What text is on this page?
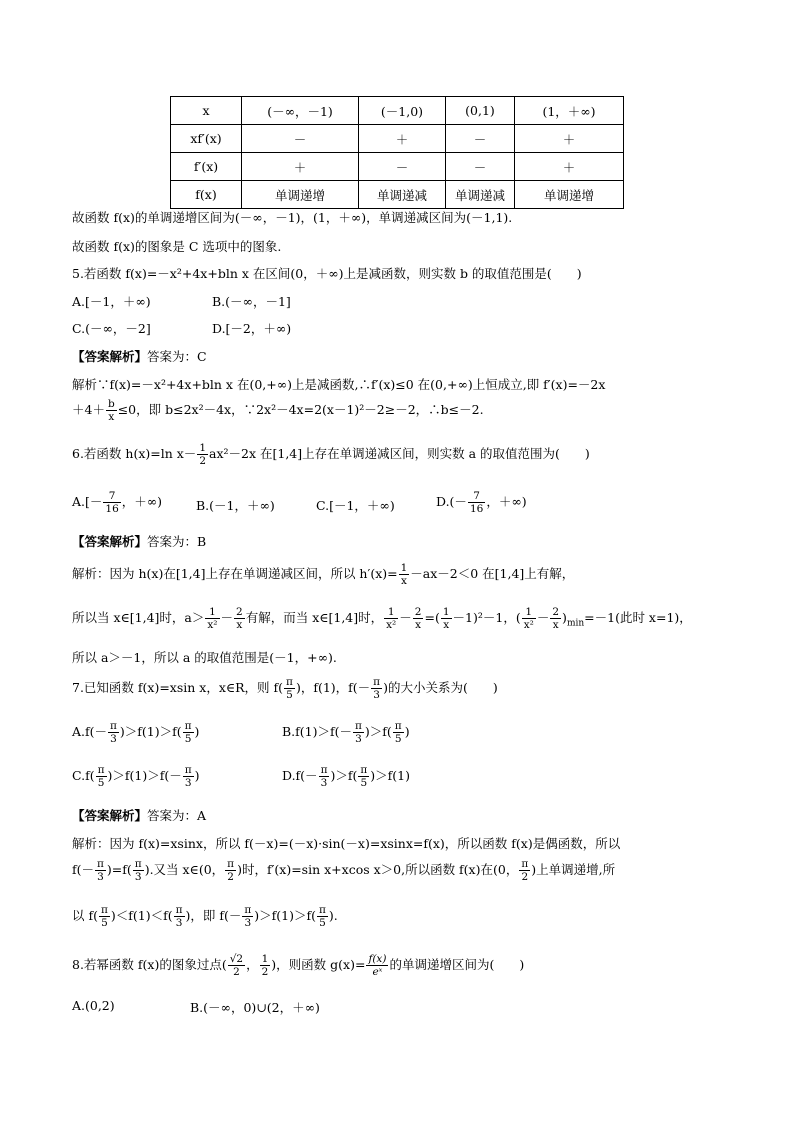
x	(－∞，－1)	(－1,0)	(0,1)	(1，＋∞)
xf′(x)	－	＋	－	＋
f′(x)	＋	－	－	＋
f(x)	单调递增	单调递减	单调递减	单调递增
故函数 f(x)的单调递增区间为(－∞，－1)，(1，＋∞)，单调递减区间为(－1,1).
故函数 f(x)的图象是 C 选项中的图象.
5.若函数 f(x)=－x²+4x+bln x 在区间(0，＋∞)上是减函数，则实数 b 的取值范围是(　　)
A.[－1，＋∞)	B.(－∞，－1]
C.(－∞，－2]	D.[－2，＋∞)
【答案解析】答案为：C
解析∵f(x)=－x²+4x+bln x 在(0,+∞)上是减函数,∴f′(x)≤0 在(0,+∞)上恒成立,即 f′(x)=－2x
$+4+ \frac{b}{x} \le 0$，即 b≤2x²－4x，∵2x²－4x=2(x－1)²－2≥－2，∴b≤－2.
6.若函数 h(x)=ln $x- \frac{1}{2} ax^2-2x$ 在[1,4]上存在单调递减区间，则实数 a 的取值范围为(　　)
$A.[- \frac{7}{16}$ ，＋∞)	B.(－1，＋∞)	C.[－1，＋∞)	$D.(- \frac{7}{16}$ ，＋∞)
【答案解析】答案为：B
解析：因为 h(x)在[1,4]上存在单调递减区间，所以 $h'(x)= \frac{1}{x} -ax-2<0$ 在[1,4]上有解，
所以当 x∈[1,4]时，$a> \frac{1}{\text{x²}} - \frac{2}{x}$ 有解，而当 x∈[1,4]时， $\frac{1}{\text{x²}} - \frac{2}{x}$ =( $\frac{1}{x} -1)^2-1$，( $\frac{1}{\text{x²}} - \frac{2}{x} )_{min}=-1$(此时 x=1)，
所以 a＞－1，所以 a 的取值范围是(－1，+∞).
7.已知函数 f(x)=xsin x，x∈R，则 $f( \frac{\pi}{5}$ )，f(1)，$f(- \frac{\pi}{3}$ )的大小关系为(　　)
$A.f(- \frac{\pi}{3} )>f(1)>f( \frac{\pi}{5}$ )	$B.f(1)>f(- \frac{\pi}{3} )>f( \frac{\pi}{5}$ )
$C.f( \frac{\pi}{5} )>f(1)>f(- \frac{\pi}{3}$ )	$D.f(- \frac{\pi}{3} )>f( \frac{\pi}{5} )>f(1)$
【答案解析】答案为：A
解析：因为 f(x)=xsinx，所以 f(－x)=(－x)·sin(－x)=xsinx=f(x)，所以函数 f(x)是偶函数，所以
$f(- \frac{\pi}{3} )=f( \frac{\pi}{3}$ ).又当 x∈(0， $\frac{\pi}{2}$ )时，f′(x)=sin x+xcos x＞0,所以函数 f(x)在(0， $\frac{\pi}{2}$ )上单调递增,所
以 $f( \frac{\pi}{5} )<f(1)<f( \frac{\pi}{3}$ )，即 $f(- \frac{\pi}{3} )>f(1)>f( \frac{\pi}{5}$ ).
8.若幂函数 f(x)的图象过点( $\frac{√2}{2}$ ， $\frac{1}{2}$ )，则函数 $g(x)= \frac{f(x)}{\text{eˣ}}$ 的单调递增区间为(　　)
A.(0,2)	B.(－∞，0)∪(2，＋∞)
